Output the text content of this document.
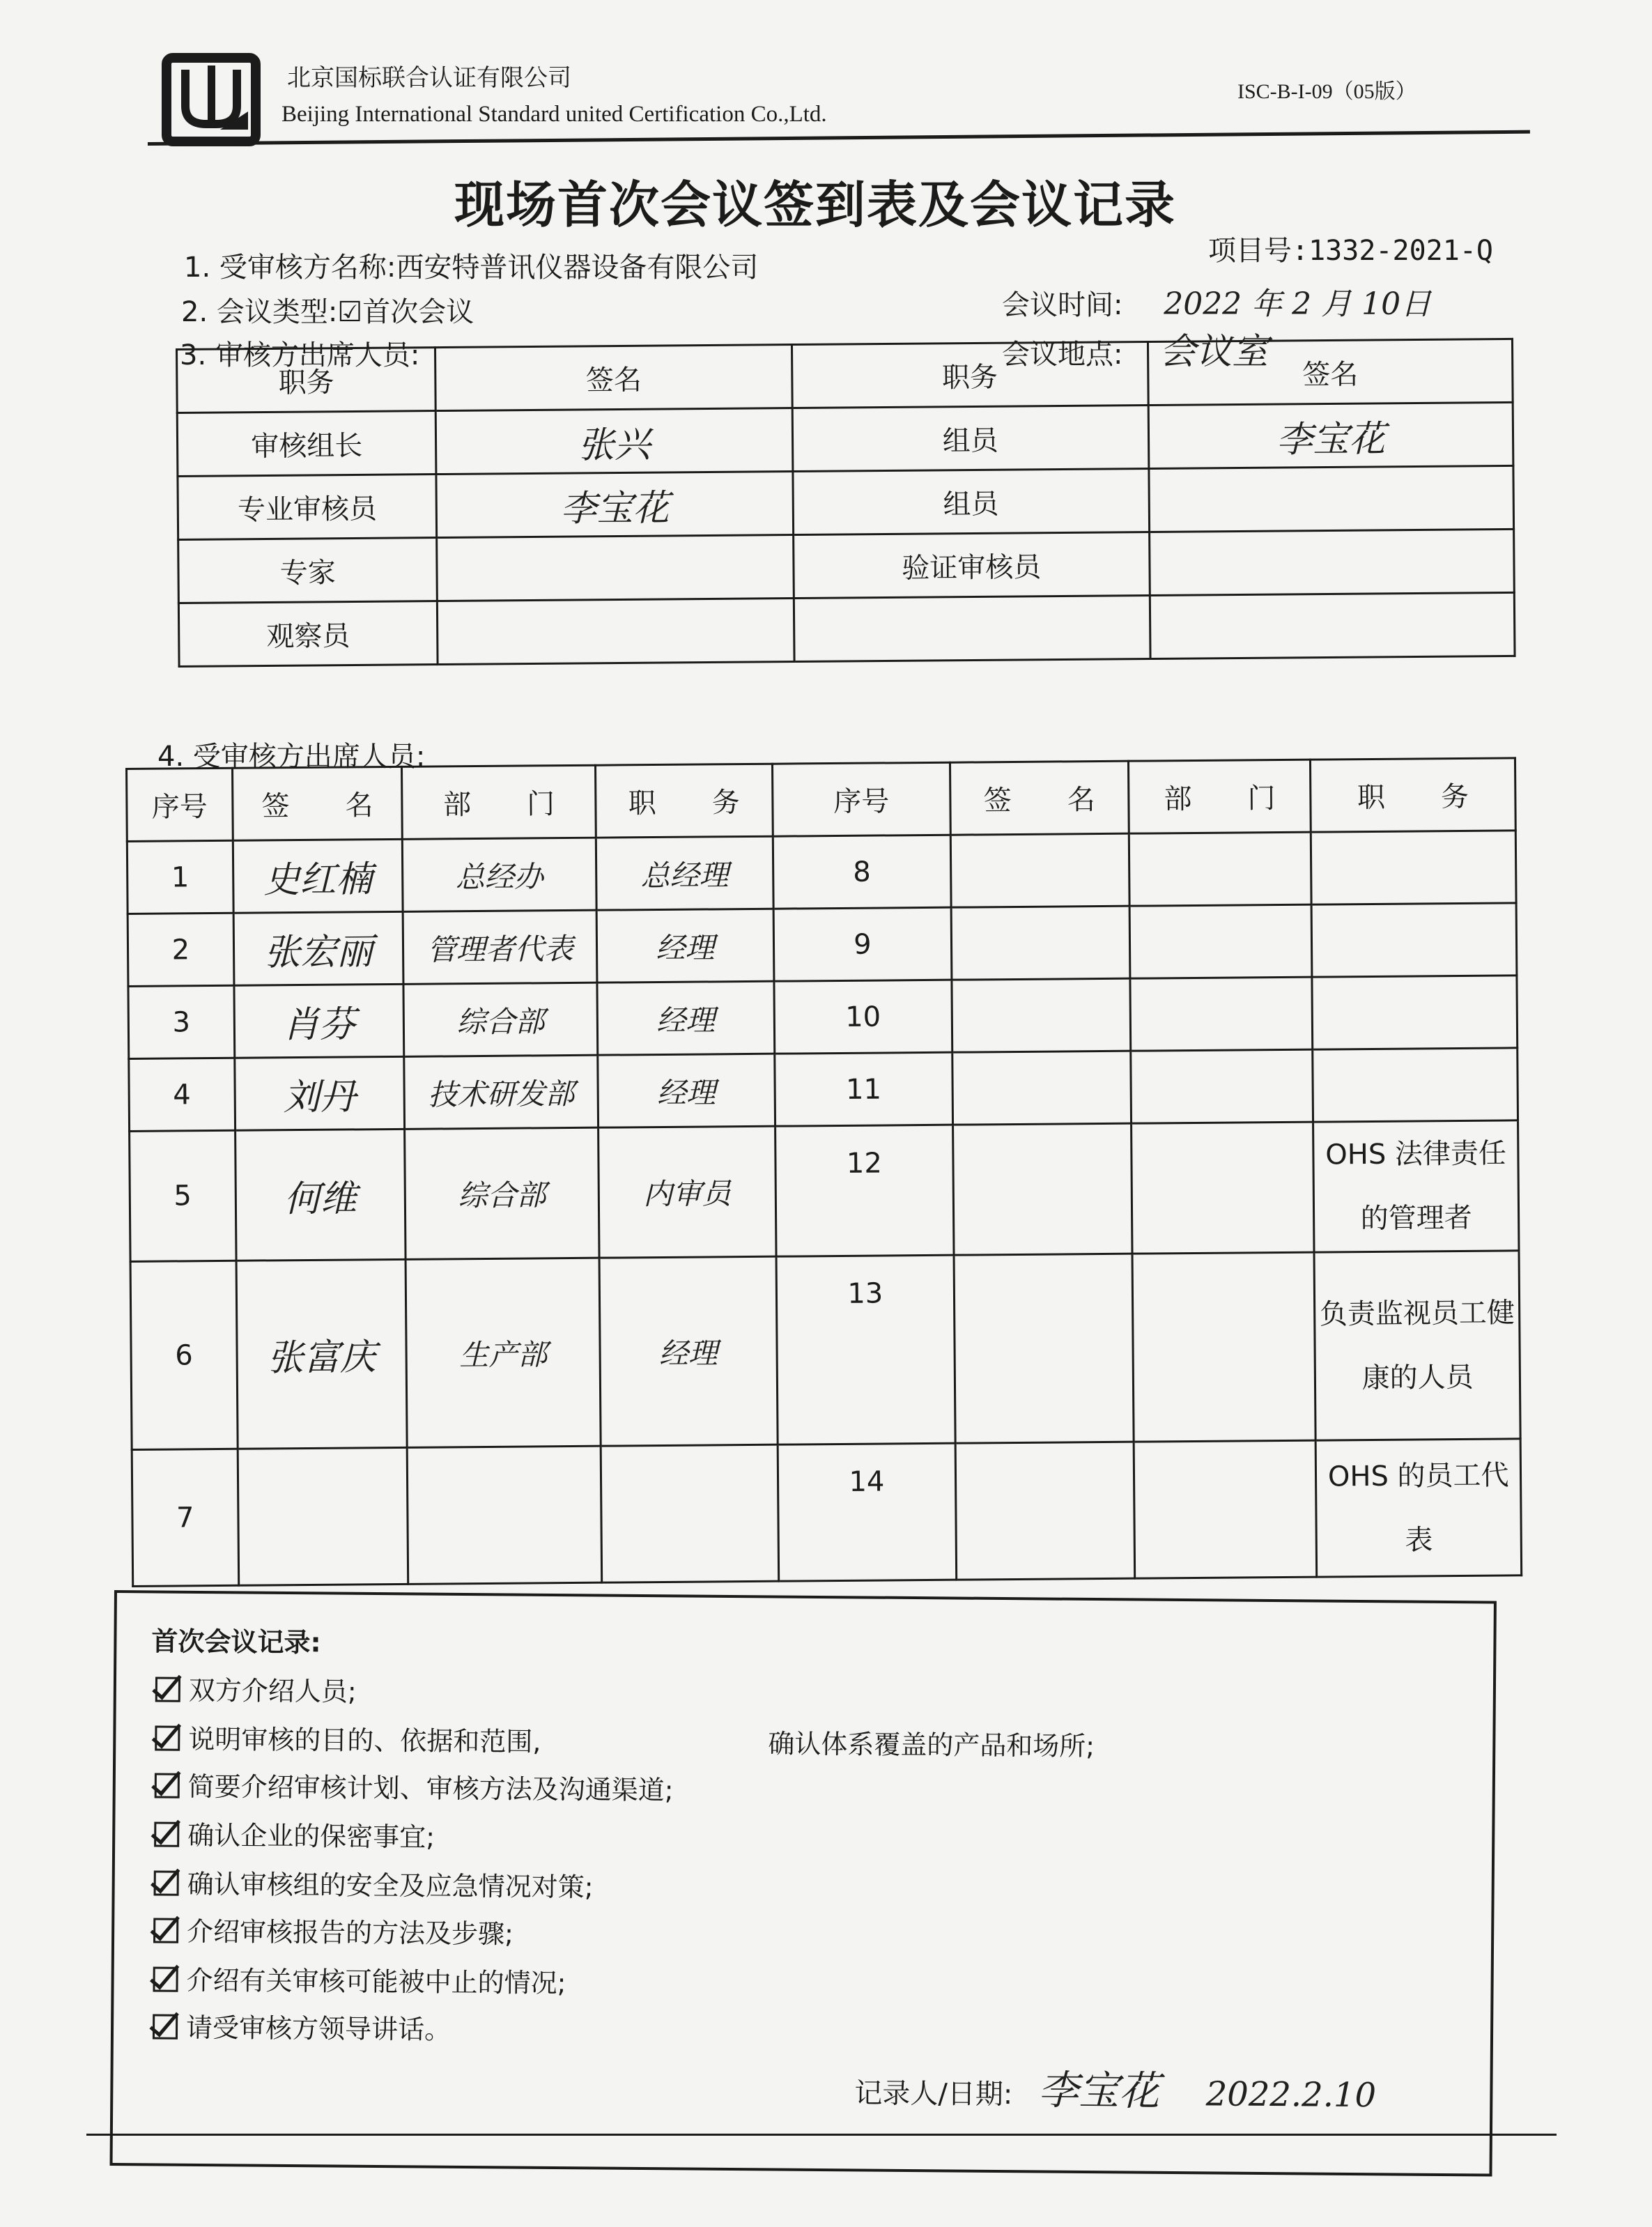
北京国标联合认证有限公司
Beijing International Standard united Certification Co.,Ltd.
ISC-B-I-09（05版）
现场首次会议签到表及会议记录
项目号:1332-2021-Q
1. 受审核方名称:西安特普讯仪器设备有限公司
2. 会议类型:☑首次会议	会议时间: 2022 年 2 月 10日
会议地点: 会议室
3. 审核方出席人员:
职务	签名	职务	签名
审核组长	张兴	组员	李宝花
专业审核员	李宝花	组员	
专家		验证审核员	
观察员			
4. 受审核方出席人员:
序号	签　　名	部　　门	职　　务	序号	签　　名	部　　门	职　　务
1	史红楠	总经办	总经理	8			
2	张宏丽	管理者代表	经理	9			
3	肖芬	综合部	经理	10			
4	刘丹	技术研发部	经理	11			
5	何维	综合部	内审员	12			OHS 法律责任的管理者
6	张富庆	生产部	经理	13			负责监视员工健康的人员
7				14			OHS 的员工代表
首次会议记录:
双方介绍人员;
说明审核的目的、依据和范围,	确认体系覆盖的产品和场所;
简要介绍审核计划、审核方法及沟通渠道;
确认企业的保密事宜;
确认审核组的安全及应急情况对策;
介绍审核报告的方法及步骤;
介绍有关审核可能被中止的情况;
请受审核方领导讲话。
记录人/日期: 李宝花 2022.2.10
